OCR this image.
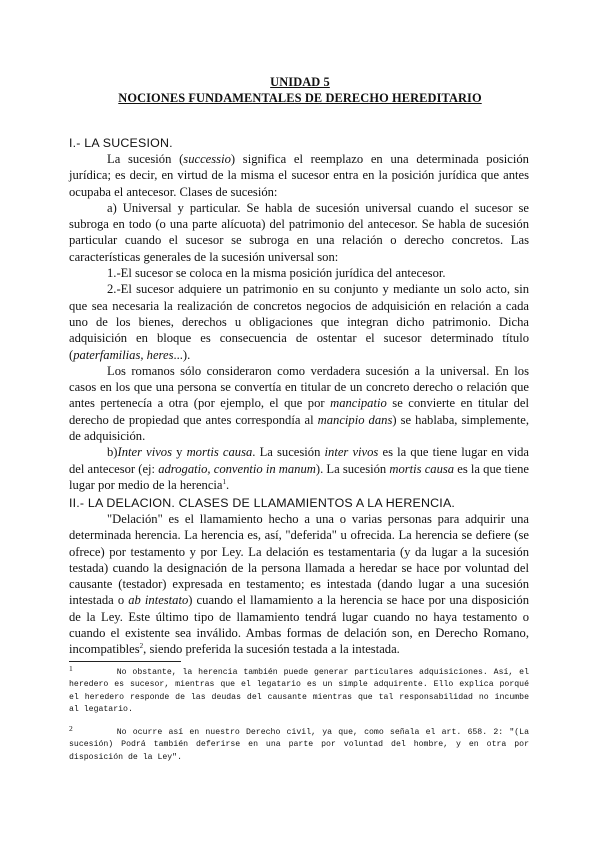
UNIDAD 5
NOCIONES FUNDAMENTALES DE DERECHO HEREDITARIO
I.- LA SUCESION.

La sucesión (successio) significa el reemplazo en una determinada posición jurídica; es decir, en virtud de la misma el sucesor entra en la posición jurídica que antes ocupaba el antecesor. Clases de sucesión:

a) Universal y particular. Se habla de sucesión universal cuando el sucesor se subroga en todo (o una parte alícuota) del patrimonio del antecesor. Se habla de sucesión particular cuando el sucesor se subroga en una relación o derecho concretos. Las características generales de la sucesión universal son:

1.-El sucesor se coloca en la misma posición jurídica del antecesor.

2.-El sucesor adquiere un patrimonio en su conjunto y mediante un solo acto, sin que sea necesaria la realización de concretos negocios de adquisición en relación a cada uno de los bienes, derechos u obligaciones que integran dicho patrimonio. Dicha adquisición en bloque es consecuencia de ostentar el sucesor determinado título (paterfamilias, heres...).

Los romanos sólo consideraron como verdadera sucesión a la universal. En los casos en los que una persona se convertía en titular de un concreto derecho o relación que antes pertenecía a otra (por ejemplo, el que por mancipatio se convierte en titular del derecho de propiedad que antes correspondía al mancipio dans) se hablaba, simplemente, de adquisición.

b)Inter vivos y mortis causa. La sucesión inter vivos es la que tiene lugar en vida del antecesor (ej: adrogatio, conventio in manum). La sucesión mortis causa es la que tiene lugar por medio de la herencia$^1$.

II.- LA DELACION. CLASES DE LLAMAMIENTOS A LA HERENCIA.

"Delación" es el llamamiento hecho a una o varias personas para adquirir una determinada herencia. La herencia es, así, "deferida" u ofrecida. La herencia se defiere (se ofrece) por testamento y por Ley. La delación es testamentaria (y da lugar a la sucesión testada) cuando la designación de la persona llamada a heredar se hace por voluntad del causante (testador) expresada en testamento; es intestada (dando lugar a una sucesión intestada o ab intestato) cuando el llamamiento a la herencia se hace por una disposición de la Ley. Este último tipo de llamamiento tendrá lugar cuando no haya testamento o cuando el existente sea inválido. Ambas formas de delación son, en Derecho Romano, incompatibles$^2$, siendo preferida la sucesión testada a la intestada.

1	No obstante, la herencia también puede generar particulares adquisiciones. Así, el heredero es sucesor, mientras que el legatario es un simple adquirente. Ello explica porqué el heredero responde de las deudas del causante mientras que tal responsabilidad no incumbe al legatario.

2	No ocurre así en nuestro Derecho civil, ya que, como señala el art. 658. 2: "(La sucesión) Podrá también deferirse en una parte por voluntad del hombre, y en otra por disposición de la Ley".
